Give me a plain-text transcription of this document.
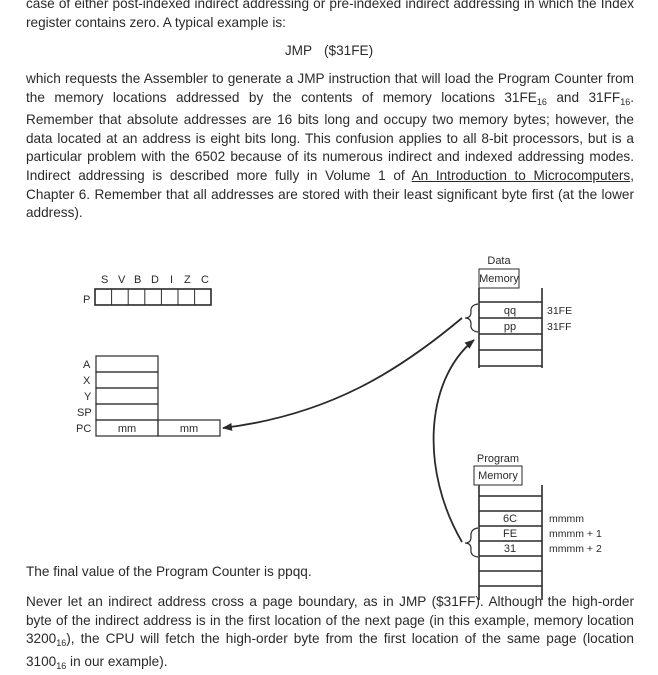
case of either post-indexed indirect addressing or pre-indexed indirect addressing in which the Index register contains zero. A typical example is:

JMP ($31FE)

which requests the Assembler to generate a JMP instruction that will load the Program Counter from the memory locations addressed by the contents of memory locations $31FE_{16}$ and $31FF_{16}$. Remember that absolute addresses are 16 bits long and occupy two memory bytes; however, the data located at an address is eight bits long. This confusion applies to all 8-bit processors, but is a particular problem with the 6502 because of its numerous indirect and indexed addressing modes. Indirect addressing is described more fully in Volume 1 of An Introduction to Microcomputers, Chapter 6. Remember that all addresses are stored with their least significant byte first (at the lower address).

S V B D I Z C
P
A
X
Y
SP
PC mm	mm
Data
Memory
qq
pp
31FE
31FF
Program
Memory
6C
FE
31
mmmm
mmmm + 1
mmmm + 2

The final value of the Program Counter is ppqq.

Never let an indirect address cross a page boundary, as in JMP ($31FF). Although the high-order byte of the indirect address is in the first location of the next page (in this example, memory location $3200_{16}$), the CPU will fetch the high-order byte from the first location of the same page (location $3100_{16}$ in our example).
